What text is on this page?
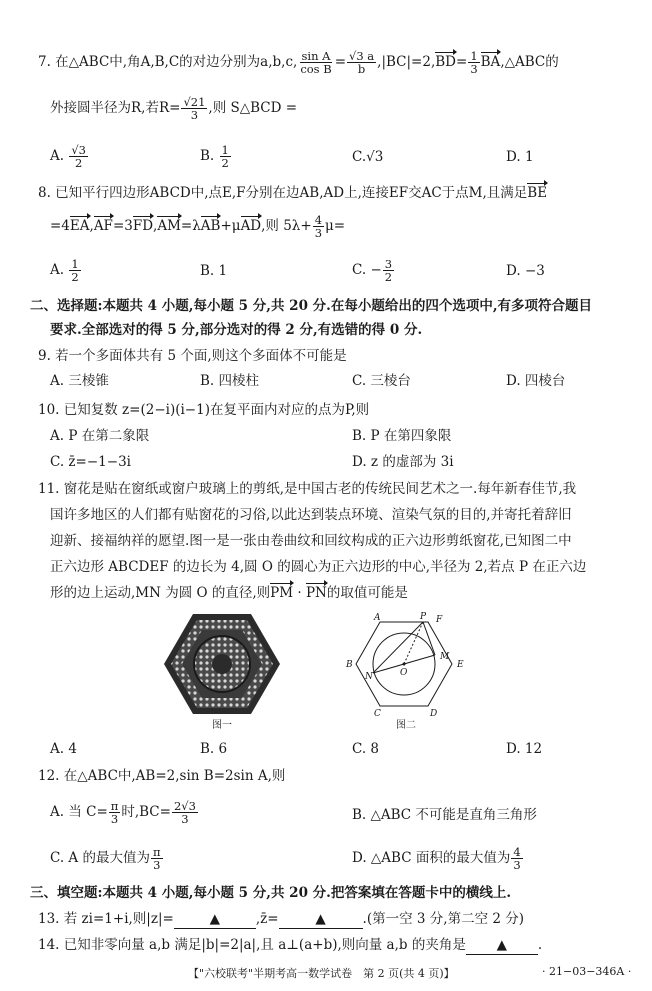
7. 在△ABC中,角A,B,C的对边分别为a,b,c, $\frac{\text{sin A}}{\text{cos B}} = \frac{√3 a}{b} ,|BC|=2,BD= \frac{1}{3}$ BA,△ABC的
外接圆半径为R,若$R= \frac{√21}{3}$ ,则 S△BCD =
A. $\frac{√3}{2}$	B. $\frac{1}{2}$	C.√3	D. 1
8. 已知平行四边形ABCD中,点E,F分别在边AB,AD上,连接EF交AC于点M,且满足BE
=4EA,AF=3FD,AM=λAB+μAD,则 $5\lambda+ \frac{4}{3} \mu=$
A. $\frac{1}{2}$	B. 1	C. − $\frac{3}{2}$	D. −3
二、选择题:本题共 4 小题,每小题 5 分,共 20 分.在每小题给出的四个选项中,有多项符合题目
要求.全部选对的得 5 分,部分选对的得 2 分,有选错的得 0 分.
9. 若一个多面体共有 5 个面,则这个多面体不可能是
A. 三棱锥	B. 四棱柱	C. 三棱台	D. 四棱台
10. 已知复数 z=(2−i)(i−1)在复平面内对应的点为P,则
A. P 在第二象限	B. P 在第四象限
C. z̄=−1−3i	D. z 的虚部为 3i
11. 窗花是贴在窗纸或窗户玻璃上的剪纸,是中国古老的传统民间艺术之一.每年新春佳节,我
国许多地区的人们都有贴窗花的习俗,以此达到装点环境、渲染气氛的目的,并寄托着辞旧
迎新、接福纳祥的愿望.图一是一张由卷曲纹和回纹构成的正六边形剪纸窗花,已知图二中
正六边形 ABCDEF 的边长为 4,圆 O 的圆心为正六边形的中心,半径为 2,若点 P 在正六边
形的边上运动,MN 为圆 O 的直径,则PM · PN的取值可能是
图一
A	P F
B
N	O
M
E
C	D
图二
A. 4	B. 6	C. 8	D. 12
12. 在△ABC中,AB=2,sin B=2sin A,则
A. 当 $C= \frac{\pi}{3}$ 时$,BC= \frac{2√3}{3}$	B. △ABC 不可能是直角三角形
C. A 的最大值为 $\frac{\pi}{3}$	D. △ABC 面积的最大值为 $\frac{4}{3}$
三、填空题:本题共 4 小题,每小题 5 分,共 20 分.把答案填在答题卡中的横线上.
13. 若 zi=1+i,则|z|=	▲	,z̄=	▲	.(第一空 3 分,第二空 2 分)
14. 已知非零向量 a,b 满足|b|=2|a|,且 a⊥(a+b),则向量 a,b 的夹角是 ▲ .
【"六校联考"半期考高一数学试卷　第 2 页(共 4 页)】	· 21−03−346A ·
